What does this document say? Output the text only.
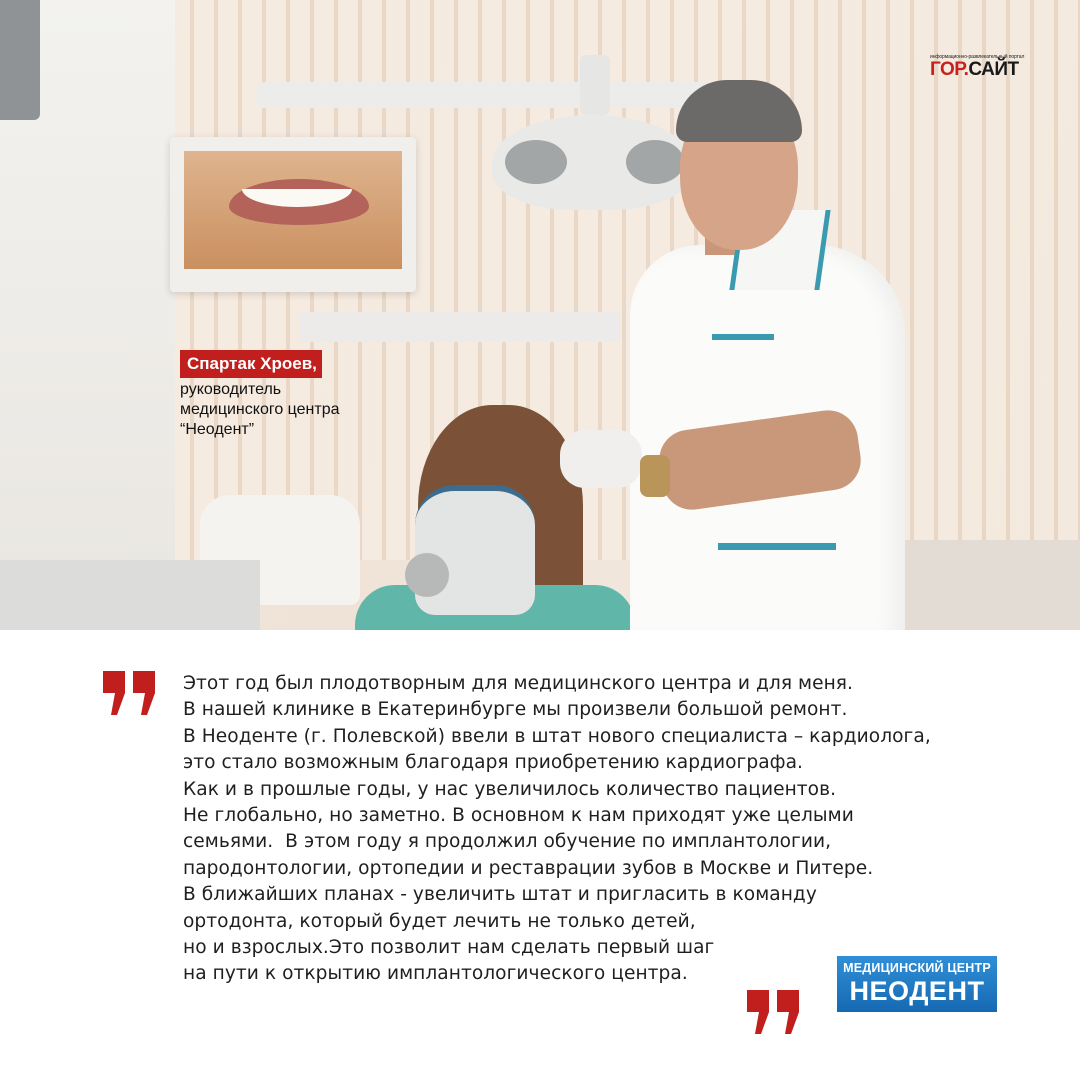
Спартак Хроев,
руководитель
медицинского центра
“Неодент”
информационно-развлекательный портал
ГОР.САЙТ
Этот год был плодотворным для медицинского центра и для меня.
В нашей клинике в Екатеринбурге мы произвели большой ремонт.
В Неоденте (г. Полевской) ввели в штат нового специалиста – кардиолога,
это стало возможным благодаря приобретению кардиографа.
Как и в прошлые годы, у нас увеличилось количество пациентов.
Не глобально, но заметно. В основном к нам приходят уже целыми
семьями.  В этом году я продолжил обучение по имплантологии,
пародонтологии, ортопедии и реставрации зубов в Москве и Питере.
В ближайших планах - увеличить штат и пригласить в команду
ортодонта, который будет лечить не только детей,
но и взрослых.Это позволит нам сделать первый шаг
на пути к открытию имплантологического центра.	МЕДИЦИНСКИЙ ЦЕНТР
НЕОДЕНТ
